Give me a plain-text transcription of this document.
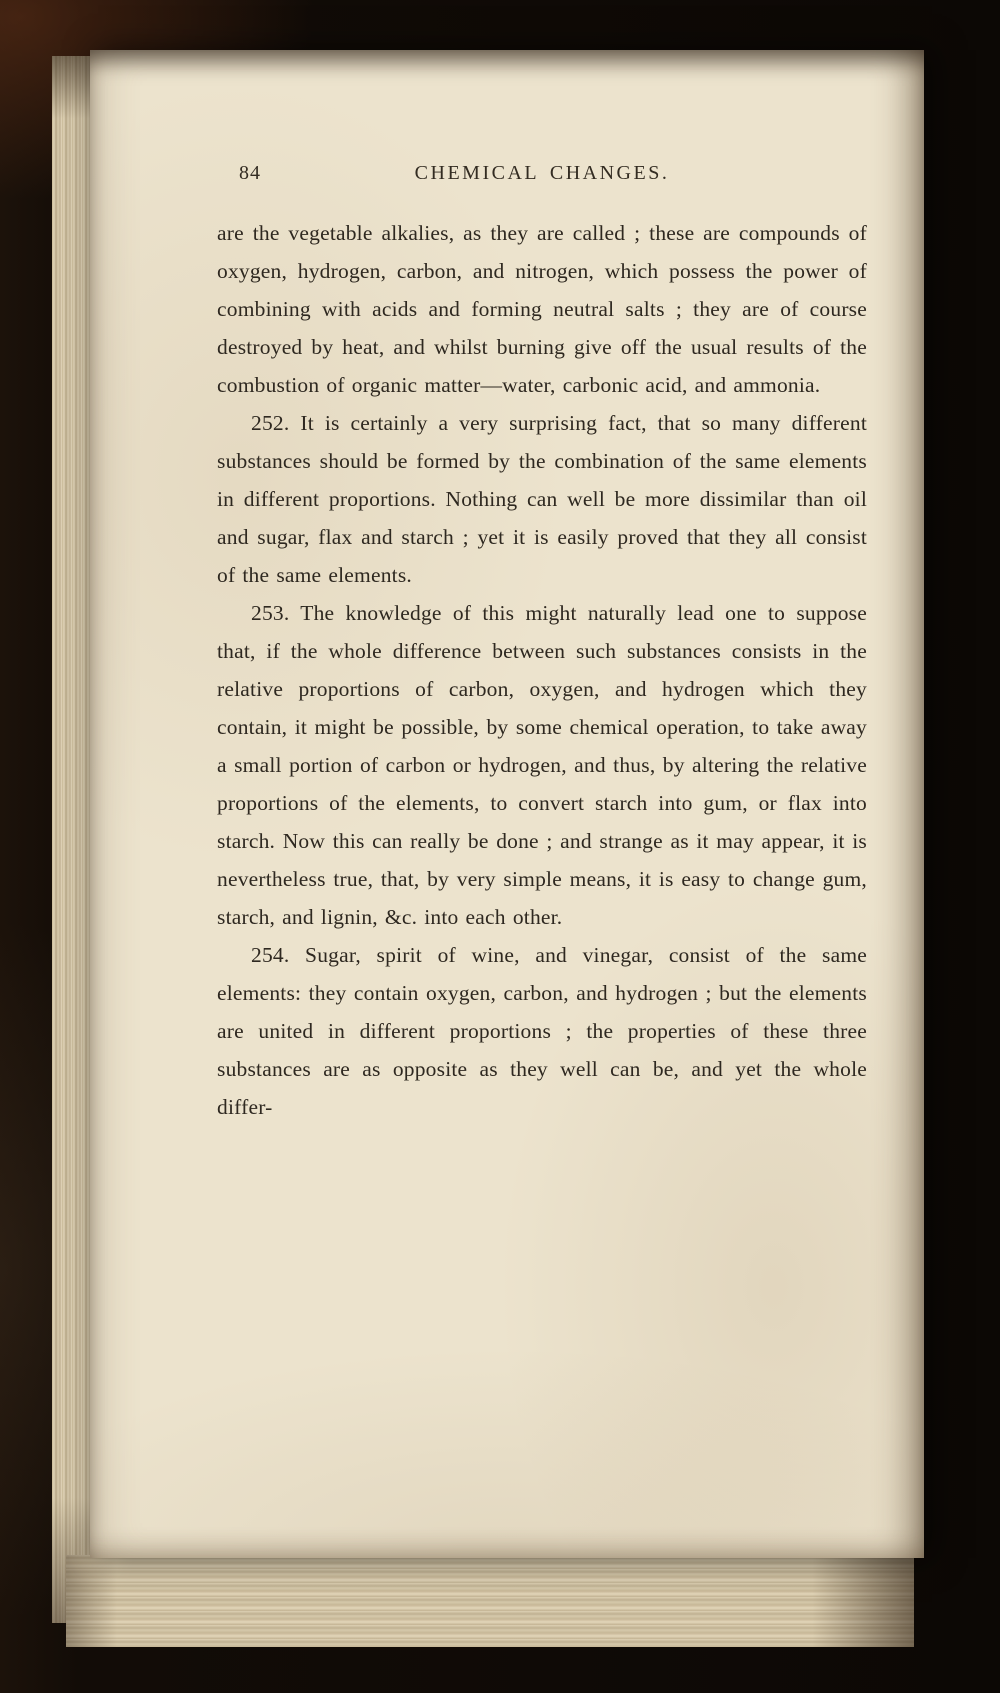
84	CHEMICAL CHANGES.

are the vegetable alkalies, as they are called ; these are compounds of oxygen, hydrogen, carbon, and nitrogen, which possess the power of combining with acids and forming neutral salts ; they are of course destroyed by heat, and whilst burning give off the usual results of the combustion of organic matter—water, carbonic acid, and ammonia.

252. It is certainly a very surprising fact, that so many different substances should be formed by the combination of the same elements in different proportions. Nothing can well be more dissimilar than oil and sugar, flax and starch ; yet it is easily proved that they all consist of the same elements.

253. The knowledge of this might naturally lead one to suppose that, if the whole difference between such substances consists in the relative proportions of carbon, oxygen, and hydrogen which they contain, it might be possible, by some chemical operation, to take away a small portion of carbon or hydrogen, and thus, by altering the relative proportions of the elements, to convert starch into gum, or flax into starch. Now this can really be done ; and strange as it may appear, it is nevertheless true, that, by very simple means, it is easy to change gum, starch, and lignin, &c. into each other.

254. Sugar, spirit of wine, and vinegar, consist of the same elements: they contain oxygen, carbon, and hydrogen ; but the elements are united in different proportions ; the properties of these three substances are as opposite as they well can be, and yet the whole differ-
